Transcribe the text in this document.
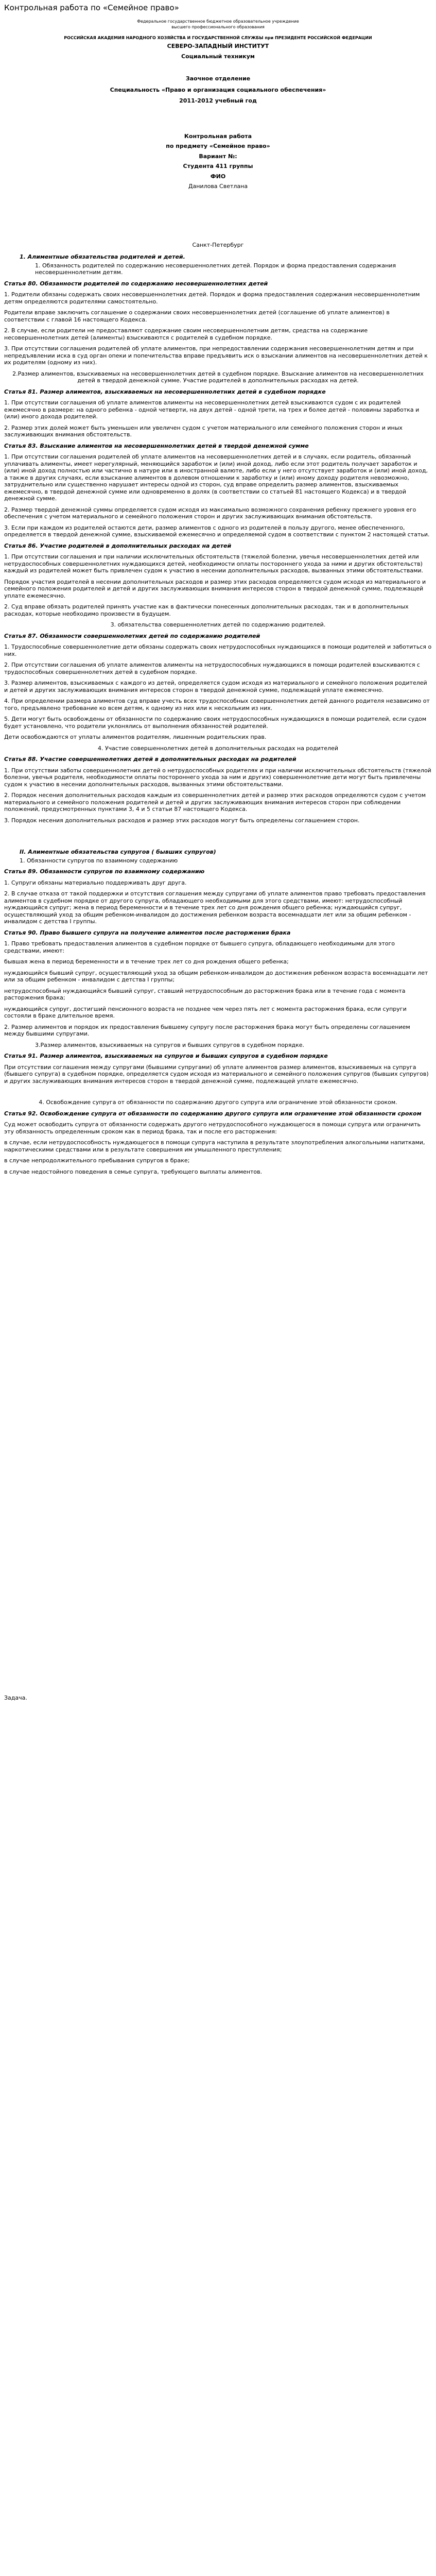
Контрольная работа по «Семейное право»
Федеральное государственное бюджетное образовательное учреждение
высшего профессионального образования
РОССИЙСКАЯ АКАДЕМИЯ НАРОДНОГО ХОЗЯЙСТВА И ГОСУДАРСТВЕННОЙ СЛУЖБЫ при ПРЕЗИДЕНТЕ РОССИЙСКОЙ ФЕДЕРАЦИИ
СЕВЕРО-ЗАПАДНЫЙ ИНСТИТУТ
Социальный техникум
Заочное отделение
Специальность «Право и организация социального обеспечения»
2011-2012 учебный год
Контрольная работа
по предмету «Семейное право»
Вариант №:
Студента 411 группы
ФИО
Данилова Светлана
Санкт-Петербург
1. Алиментные обязательства родителей и детей.
1. Обязанность родителей по содержанию несовершеннолетних детей. Порядок и форма предоставления содержания несовершеннолетним детям.
Статья 80. Обязанности родителей по содержанию несовершеннолетних детей
1. Родители обязаны содержать своих несовершеннолетних детей. Порядок и форма предоставления содержания несовершеннолетним детям определяются родителями самостоятельно.
Родители вправе заключить соглашение о содержании своих несовершеннолетних детей (соглашение об уплате алиментов) в соответствии с главой 16 настоящего Кодекса.
2. В случае, если родители не предоставляют содержание своим несовершеннолетним детям, средства на содержание несовершеннолетних детей (алименты) взыскиваются с родителей в судебном порядке.
3. При отсутствии соглашения родителей об уплате алиментов, при непредоставлении содержания несовершеннолетним детям и при непредъявлении иска в суд орган опеки и попечительства вправе предъявить иск о взыскании алиментов на несовершеннолетних детей к их родителям (одному из них).
2.Размер алиментов, взыскиваемых на несовершеннолетних детей в судебном порядке. Взыскание алиментов на несовершеннолетних детей в твердой денежной сумме. Участие родителей в дополнительных расходах на детей.
Статья 81. Размер алиментов, взыскиваемых на несовершеннолетних детей в судебном порядке
1. При отсутствии соглашения об уплате алиментов алименты на несовершеннолетних детей взыскиваются судом с их родителей ежемесячно в размере: на одного ребенка - одной четверти, на двух детей - одной трети, на трех и более детей - половины заработка и (или) иного дохода родителей.
2. Размер этих долей может быть уменьшен или увеличен судом с учетом материального или семейного положения сторон и иных заслуживающих внимания обстоятельств.
Статья 83. Взыскание алиментов на несовершеннолетних детей в твердой денежной сумме
1. При отсутствии соглашения родителей об уплате алиментов на несовершеннолетних детей и в случаях, если родитель, обязанный уплачивать алименты, имеет нерегулярный, меняющийся заработок и (или) иной доход, либо если этот родитель получает заработок и (или) иной доход полностью или частично в натуре или в иностранной валюте, либо если у него отсутствует заработок и (или) иной доход, а также в других случаях, если взыскание алиментов в долевом отношении к заработку и (или) иному доходу родителя невозможно, затруднительно или существенно нарушает интересы одной из сторон, суд вправе определить размер алиментов, взыскиваемых ежемесячно, в твердой денежной сумме или одновременно в долях (в соответствии со статьей 81 настоящего Кодекса) и в твердой денежной сумме.
2. Размер твердой денежной суммы определяется судом исходя из максимально возможного сохранения ребенку прежнего уровня его обеспечения с учетом материального и семейного положения сторон и других заслуживающих внимания обстоятельств.
3. Если при каждом из родителей остаются дети, размер алиментов с одного из родителей в пользу другого, менее обеспеченного, определяется в твердой денежной сумме, взыскиваемой ежемесячно и определяемой судом в соответствии с пунктом 2 настоящей статьи.
Статья 86. Участие родителей в дополнительных расходах на детей
1. При отсутствии соглашения и при наличии исключительных обстоятельств (тяжелой болезни, увечья несовершеннолетних детей или нетрудоспособных совершеннолетних нуждающихся детей, необходимости оплаты постороннего ухода за ними и других обстоятельств) каждый из родителей может быть привлечен судом к участию в несении дополнительных расходов, вызванных этими обстоятельствами.
Порядок участия родителей в несении дополнительных расходов и размер этих расходов определяются судом исходя из материального и семейного положения родителей и детей и других заслуживающих внимания интересов сторон в твердой денежной сумме, подлежащей уплате ежемесячно.
2. Суд вправе обязать родителей принять участие как в фактически понесенных дополнительных расходах, так и в дополнительных расходах, которые необходимо произвести в будущем.
3. обязательства совершеннолетних детей по содержанию родителей.
Статья 87. Обязанности совершеннолетних детей по содержанию родителей
1. Трудоспособные совершеннолетние дети обязаны содержать своих нетрудоспособных нуждающихся в помощи родителей и заботиться о них.
2. При отсутствии соглашения об уплате алиментов алименты на нетрудоспособных нуждающихся в помощи родителей взыскиваются с трудоспособных совершеннолетних детей в судебном порядке.
3. Размер алиментов, взыскиваемых с каждого из детей, определяется судом исходя из материального и семейного положения родителей и детей и других заслуживающих внимания интересов сторон в твердой денежной сумме, подлежащей уплате ежемесячно.
4. При определении размера алиментов суд вправе учесть всех трудоспособных совершеннолетних детей данного родителя независимо от того, предъявлено требование ко всем детям, к одному из них или к нескольким из них.
5. Дети могут быть освобождены от обязанности по содержанию своих нетрудоспособных нуждающихся в помощи родителей, если судом будет установлено, что родители уклонялись от выполнения обязанностей родителей.
Дети освобождаются от уплаты алиментов родителям, лишенным родительских прав.
4. Участие совершеннолетних детей в дополнительных расходах на родителей
Статья 88. Участие совершеннолетних детей в дополнительных расходах на родителей
1. При отсутствии заботы совершеннолетних детей о нетрудоспособных родителях и при наличии исключительных обстоятельств (тяжелой болезни, увечья родителя, необходимости оплаты постороннего ухода за ним и других) совершеннолетние дети могут быть привлечены судом к участию в несении дополнительных расходов, вызванных этими обстоятельствами.
2. Порядок несения дополнительных расходов каждым из совершеннолетних детей и размер этих расходов определяются судом с учетом материального и семейного положения родителей и детей и других заслуживающих внимания интересов сторон при соблюдении положений, предусмотренных пунктами 3, 4 и 5 статьи 87 настоящего Кодекса.
3. Порядок несения дополнительных расходов и размер этих расходов могут быть определены соглашением сторон.
II. Алиментные обязательства супругов ( бывших супругов)
1. Обязанности супругов по взаимному содержанию
Статья 89. Обязанности супругов по взаимному содержанию
1. Супруги обязаны материально поддерживать друг друга.
2. В случае отказа от такой поддержки и отсутствия соглашения между супругами об уплате алиментов право требовать предоставления алиментов в судебном порядке от другого супруга, обладающего необходимыми для этого средствами, имеют: нетрудоспособный нуждающийся супруг; жена в период беременности и в течение трех лет со дня рождения общего ребенка; нуждающийся супруг, осуществляющий уход за общим ребенком-инвалидом до достижения ребенком возраста восемнадцати лет или за общим ребенком - инвалидом с детства I группы.
Статья 90. Право бывшего супруга на получение алиментов после расторжения брака
1. Право требовать предоставления алиментов в судебном порядке от бывшего супруга, обладающего необходимыми для этого средствами, имеют:
бывшая жена в период беременности и в течение трех лет со дня рождения общего ребенка;
нуждающийся бывший супруг, осуществляющий уход за общим ребенком-инвалидом до достижения ребенком возраста восемнадцати лет или за общим ребенком - инвалидом с детства I группы;
нетрудоспособный нуждающийся бывший супруг, ставший нетрудоспособным до расторжения брака или в течение года с момента расторжения брака;
нуждающийся супруг, достигший пенсионного возраста не позднее чем через пять лет с момента расторжения брака, если супруги состояли в браке длительное время.
2. Размер алиментов и порядок их предоставления бывшему супругу после расторжения брака могут быть определены соглашением между бывшими супругами.
3.Размер алиментов, взыскиваемых на супругов и бывших супругов в судебном порядке.
Статья 91. Размер алиментов, взыскиваемых на супругов и бывших супругов в судебном порядке
При отсутствии соглашения между супругами (бывшими супругами) об уплате алиментов размер алиментов, взыскиваемых на супруга (бывшего супруга) в судебном порядке, определяется судом исходя из материального и семейного положения супругов (бывших супругов) и других заслуживающих внимания интересов сторон в твердой денежной сумме, подлежащей уплате ежемесячно.
4. Освобождение супруга от обязанности по содержанию другого супруга или ограничение этой обязанности сроком.
Статья 92. Освобождение супруга от обязанности по содержанию другого супруга или ограничение этой обязанности сроком
Суд может освободить супруга от обязанности содержать другого нетрудоспособного нуждающегося в помощи супруга или ограничить эту обязанность определенным сроком как в период брака, так и после его расторжения:
в случае, если нетрудоспособность нуждающегося в помощи супруга наступила в результате злоупотребления алкогольными напитками, наркотическими средствами или в результате совершения им умышленного преступления;
в случае непродолжительного пребывания супругов в браке;
в случае недостойного поведения в семье супруга, требующего выплаты алиментов.
Задача.
